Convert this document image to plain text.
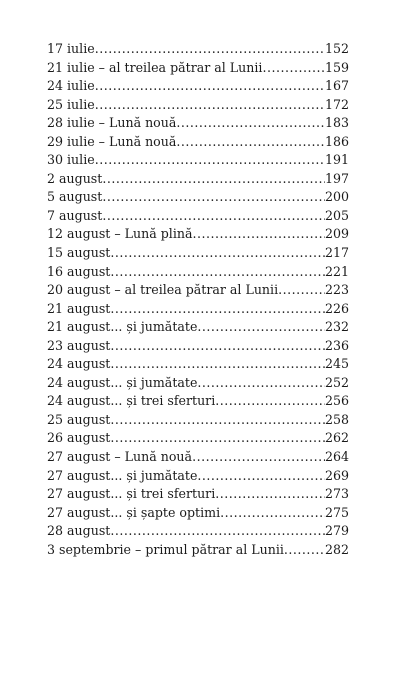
17 iulie .....	152
21 iulie – al treilea pătrar al Lunii .....	159
24 iulie .....	167
25 iulie .....	172
28 iulie – Lună nouă .....	183
29 iulie – Lună nouă .....	186
30 iulie .....	191
2 august .....	197
5 august .....	200
7 august .....	205
12 august – Lună plină .....	209
15 august .....	217
16 august .....	221
20 august – al treilea pătrar al Lunii .....	223
21 august .....	226
21 august... și jumătate .....	232
23 august .....	236
24 august .....	245
24 august... și jumătate .....	252
24 august... și trei sferturi .....	256
25 august .....	258
26 august .....	262
27 august – Lună nouă .....	264
27 august... și jumătate .....	269
27 august... și trei sferturi .....	273
27 august... și șapte optimi .....	275
28 august .....	279
3 septembrie – primul pătrar al Lunii .....	282
